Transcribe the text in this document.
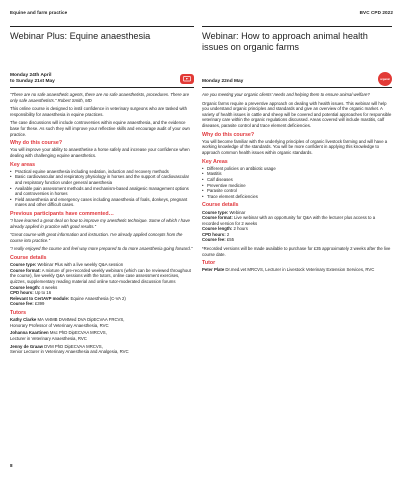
Equine and farm practice	BVC CPD 2022
Webinar Plus: Equine anaesthesia
Monday 24th April
to Sunday 21st May

"There are no safe anaesthetic agents, there are no safe anaesthetists, procedures. There are only safe anaesthetists." Robert Smith, MD

This online course is designed to instil confidence in veterinary surgeons who are tasked with responsibility for anaesthesia in equine practices.

The case discussions will include controversies within equine anaesthesia, and the evidence base for these. As such they will improve your reflective skills and encourage audit of your own practice.

Why do this course?

You will improve your ability to anaesthetise a horse safely and increase your confidence when dealing with challenging equine anaesthetics.

Key areas
• Practical equine anaesthesia including sedation, induction and recovery methods
• Basic cardiovascular and respiratory physiology in horses and the support of cardiovascular and respiratory function under general anaesthesia
• Available pain assessment methods and mechanism-based analgesic management options and controversies in horses
• Field anaesthesia and emergency cases including anaesthesia of foals, donkeys, pregnant mares and other difficult cases.
Previous participants have commented…

"I have learned a great deal on how to improve my anesthetic technique. Some of which I have already applied in practice with good results."

"Great course with great information and instruction. I've already applied concepts from the course into practice."

"I really enjoyed the course and feel way more prepared to do more anaesthesia going forward."

Course details
Course type: Webinar Plus with a live weekly Q&A session
Course format: A mixture of pre-recorded weekly webinars (which can be reviewed throughout the course), live weekly Q&A sessions with the tutors, online case assessment exercises, quizzes, supplementary reading material and online tutor-moderated discussion forums
Course length: 4 weeks
CPD hours: Up to 16
Relevant to CertAVP module: Equine Anaesthesia (C-VA 2)
Course fee: £399
Tutors
Kathy Clarke MA VetMB DVetMed DVA DipECVAA FRCVS,
Honorary Professor of Veterinary Anaesthesia, RVC
Johanna Kaartinen Msc PhD DipECVAA MRCVS,
Lecturer in Veterinary Anaesthesia, RVC
Jenny de Graaw DVM PhD DipECVAA MRCVS,
Senior Lecturer in Veterinary Anaesthesia and Analgesia, RVC
Webinar: How to approach animal health issues on organic farms
Monday 22nd May	organic

Are you meeting your organic clients' needs and helping them to ensure animal welfare?

Organic farms require a preventive approach on dealing with health issues. This webinar will help you understand organic principles and standards and give an overview of the organic market. A variety of health issues in cattle and sheep will be covered and potential approaches for responsible veterinary care within the organic regulations discussed. Areas covered will include mastitis, calf diseases, parasite control and trace element deficiencies.

Why do this course?

You will become familiar with the underlying principles of organic livestock farming and will have a working knowledge of the standards. You will be more confident in applying this knowledge to approach common health issues within organic standards.

Key Areas
• Different policies on antibiotic usage
• Mastitis
• Calf diseases
• Preventive medicine
• Parasite control
• Trace element deficiencies
Course details
Course type: Webinar
Course format: Live webinar with an opportunity for Q&A with the lecturer plus access to a recorded version for 2 weeks
Course length: 2 hours
CPD hours: 2
Course fee: £55

*Recorded versions will be made available to purchase for £35 approximately 2 weeks after the live course date.

Tutor
Peter Plate Dr.med.vet MRCVS, Lecturer in Livestock Veterinary Extension Services, RVC
8
